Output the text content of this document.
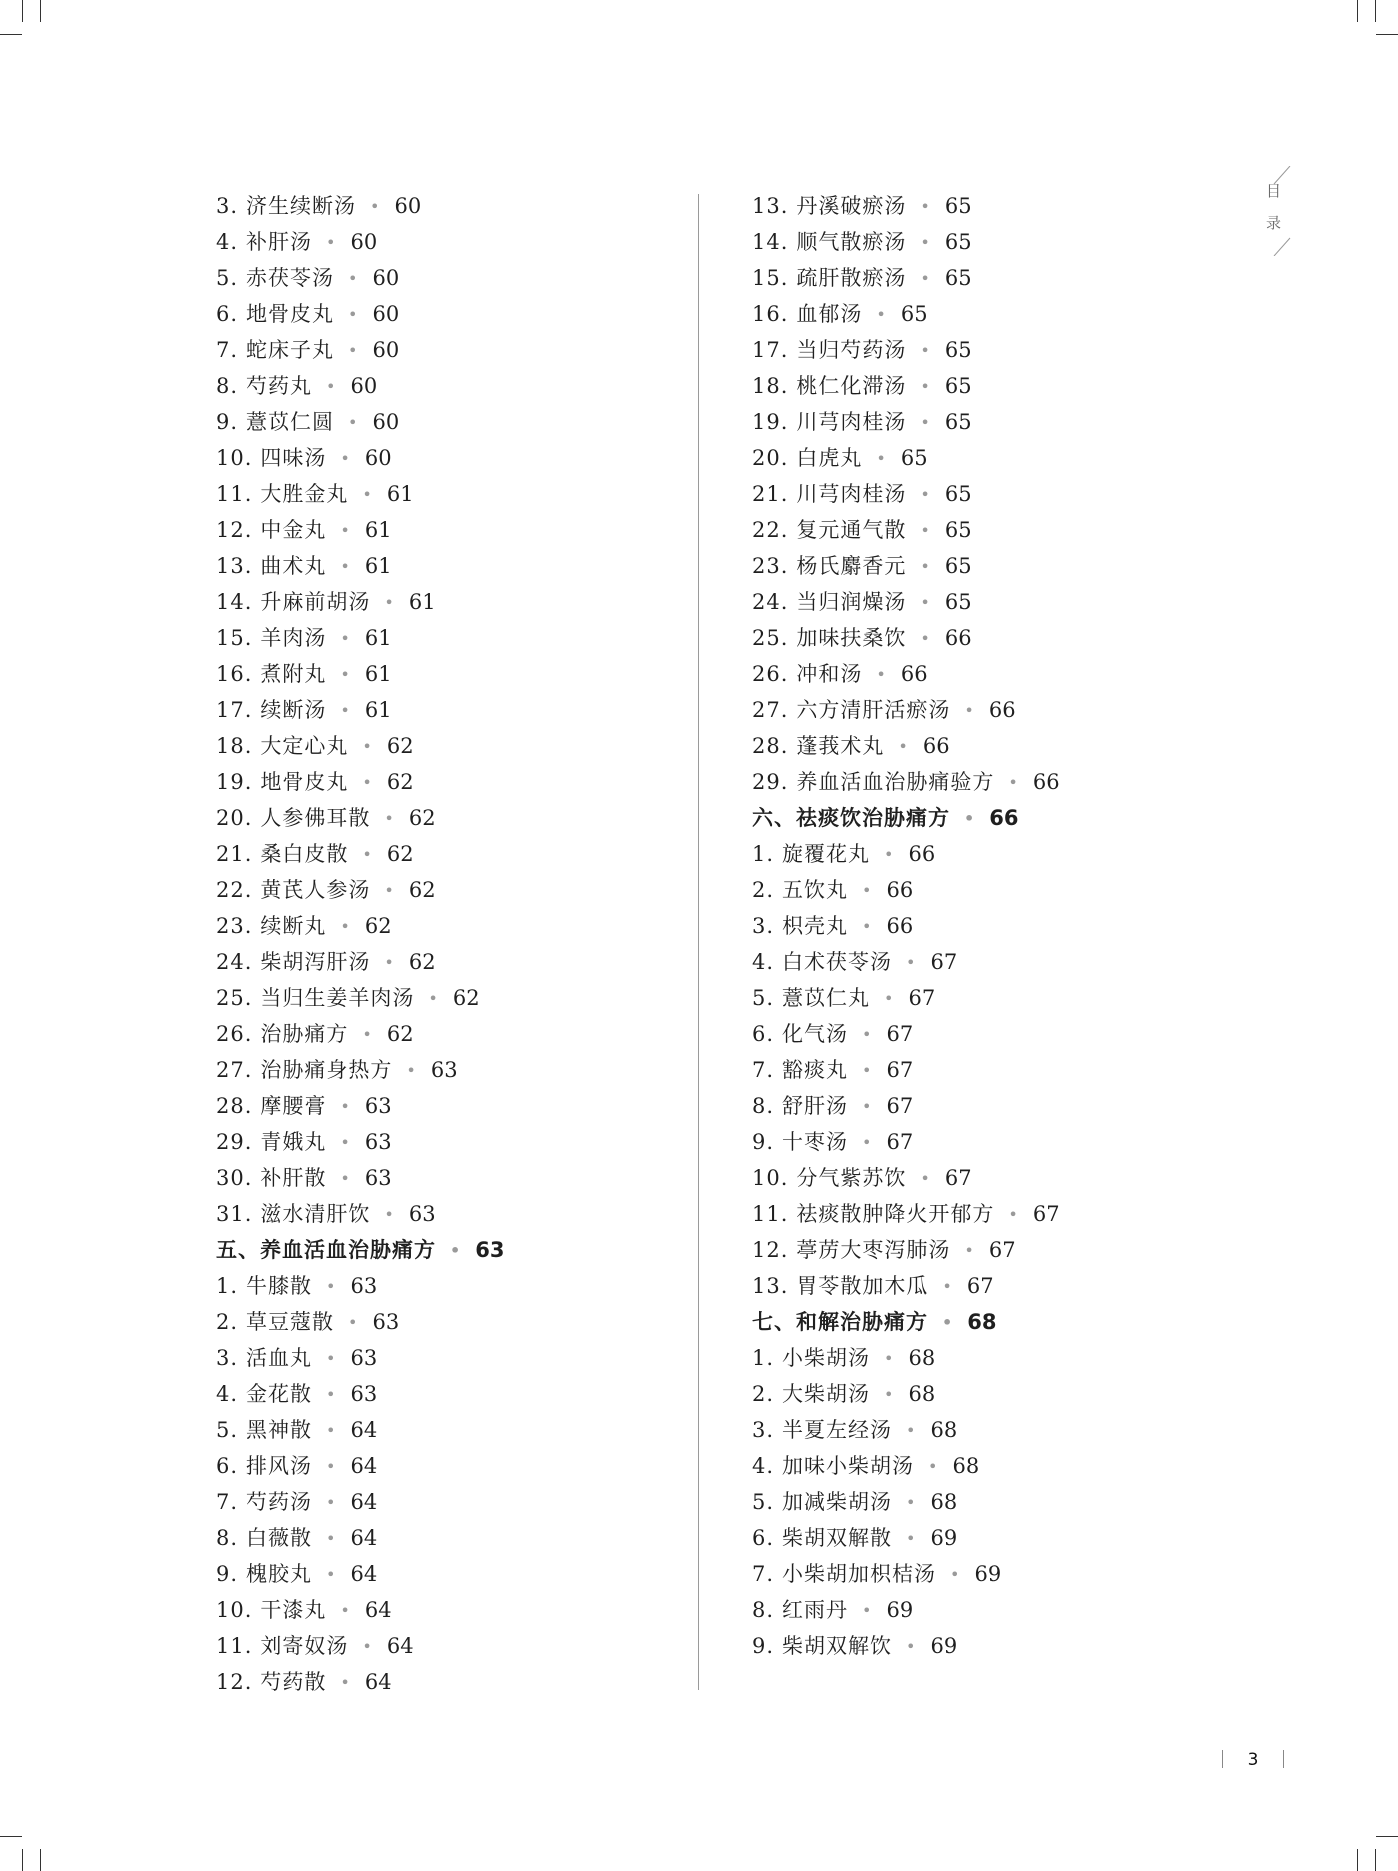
目
录
3. 济生续断汤 • 60
4. 补肝汤 • 60
5. 赤茯苓汤 • 60
6. 地骨皮丸 • 60
7. 蛇床子丸 • 60
8. 芍药丸 • 60
9. 薏苡仁圆 • 60
10. 四味汤 • 60
11. 大胜金丸 • 61
12. 中金丸 • 61
13. 曲术丸 • 61
14. 升麻前胡汤 • 61
15. 羊肉汤 • 61
16. 煮附丸 • 61
17. 续断汤 • 61
18. 大定心丸 • 62
19. 地骨皮丸 • 62
20. 人参佛耳散 • 62
21. 桑白皮散 • 62
22. 黄芪人参汤 • 62
23. 续断丸 • 62
24. 柴胡泻肝汤 • 62
25. 当归生姜羊肉汤 • 62
26. 治胁痛方 • 62
27. 治胁痛身热方 • 63
28. 摩腰膏 • 63
29. 青娥丸 • 63
30. 补肝散 • 63
31. 滋水清肝饮 • 63
五、养血活血治胁痛方 • 63
1. 牛膝散 • 63
2. 草豆蔻散 • 63
3. 活血丸 • 63
4. 金花散 • 63
5. 黑神散 • 64
6. 排风汤 • 64
7. 芍药汤 • 64
8. 白薇散 • 64
9. 槐胶丸 • 64
10. 干漆丸 • 64
11. 刘寄奴汤 • 64
12. 芍药散 • 64
13. 丹溪破瘀汤 • 65
14. 顺气散瘀汤 • 65
15. 疏肝散瘀汤 • 65
16. 血郁汤 • 65
17. 当归芍药汤 • 65
18. 桃仁化滞汤 • 65
19. 川芎肉桂汤 • 65
20. 白虎丸 • 65
21. 川芎肉桂汤 • 65
22. 复元通气散 • 65
23. 杨氏麝香元 • 65
24. 当归润燥汤 • 65
25. 加味扶桑饮 • 66
26. 冲和汤 • 66
27. 六方清肝活瘀汤 • 66
28. 蓬莪术丸 • 66
29. 养血活血治胁痛验方 • 66
六、祛痰饮治胁痛方 • 66
1. 旋覆花丸 • 66
2. 五饮丸 • 66
3. 枳壳丸 • 66
4. 白术茯苓汤 • 67
5. 薏苡仁丸 • 67
6. 化气汤 • 67
7. 豁痰丸 • 67
8. 舒肝汤 • 67
9. 十枣汤 • 67
10. 分气紫苏饮 • 67
11. 祛痰散肿降火开郁方 • 67
12. 葶苈大枣泻肺汤 • 67
13. 胃苓散加木瓜 • 67
七、和解治胁痛方 • 68
1. 小柴胡汤 • 68
2. 大柴胡汤 • 68
3. 半夏左经汤 • 68
4. 加味小柴胡汤 • 68
5. 加减柴胡汤 • 68
6. 柴胡双解散 • 69
7. 小柴胡加枳桔汤 • 69
8. 红雨丹 • 69
9. 柴胡双解饮 • 69
3
